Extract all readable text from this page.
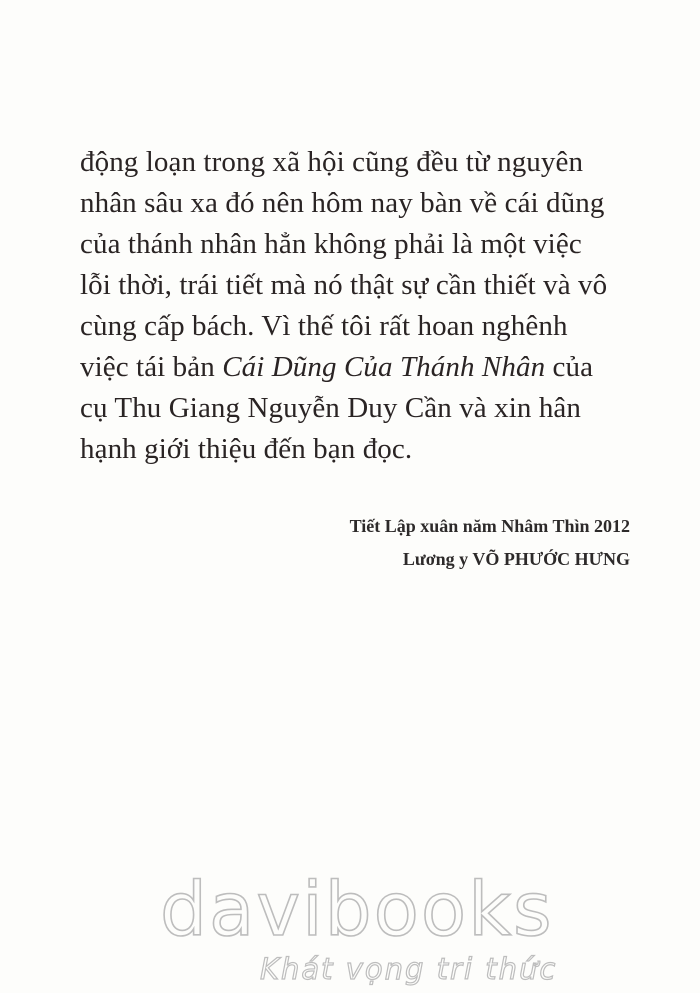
động loạn trong xã hội cũng đều từ nguyên
nhân sâu xa đó nên hôm nay bàn về cái dũng
của thánh nhân hẳn không phải là một việc
lỗi thời, trái tiết mà nó thật sự cần thiết và vô
cùng cấp bách. Vì thế tôi rất hoan nghênh
việc tái bản Cái Dũng Của Thánh Nhân của
cụ Thu Giang Nguyễn Duy Cần và xin hân
hạnh giới thiệu đến bạn đọc.
Tiết Lập xuân năm Nhâm Thìn 2012
Lương y VÕ PHƯỚC HƯNG
davibooks
Khát vọng tri thức
